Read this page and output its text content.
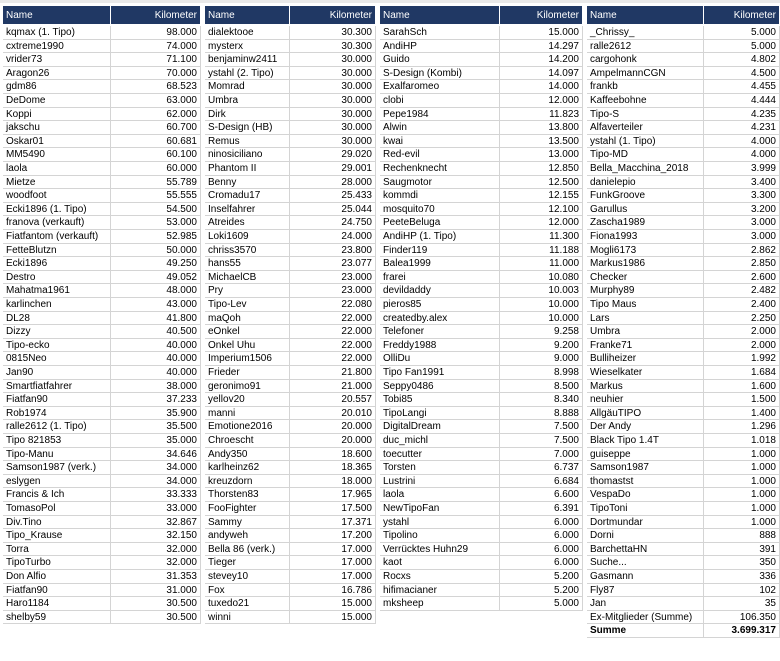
Name	Kilometer
kqmax (1. Tipo)	98.000
cxtreme1990	74.000
vrider73	71.100
Aragon26	70.000
gdm86	68.523
DeDome	63.000
Koppi	62.000
jakschu	60.700
Oskar01	60.681
MM5490	60.100
laola	60.000
Mietze	55.789
woodfoot	55.555
Ecki1896 (1. Tipo)	54.500
franova (verkauft)	53.000
Fiatfantom (verkauft)	52.985
FetteBlutzn	50.000
Ecki1896	49.250
Destro	49.052
Mahatma1961	48.000
karlinchen	43.000
DL28	41.800
Dizzy	40.500
Tipo-ecko	40.000
0815Neo	40.000
Jan90	40.000
Smartfiatfahrer	38.000
Fiatfan90	37.233
Rob1974	35.900
ralle2612 (1. Tipo)	35.500
Tipo 821853	35.000
Tipo-Manu	34.646
Samson1987 (verk.)	34.000
eslygen	34.000
Francis & Ich	33.333
TomasoPol	33.000
Div.Tino	32.867
Tipo_Krause	32.150
Torra	32.000
TipoTurbo	32.000
Don Alfio	31.353
Fiatfan90	31.000
Haro1184	30.500
shelby59	30.500
Name	Kilometer
dialektooe	30.300
mysterx	30.300
benjaminw2411	30.000
ystahl (2. Tipo)	30.000
Momrad	30.000
Umbra	30.000
Dirk	30.000
S-Design (HB)	30.000
Remus	30.000
ninosiciliano	29.020
Phantom II	29.001
Benny	28.000
Cromadu17	25.433
Inselfahrer	25.044
Atreides	24.750
Loki1609	24.000
chriss3570	23.800
hans55	23.077
MichaelCB	23.000
Pry	23.000
Tipo-Lev	22.080
maQoh	22.000
eOnkel	22.000
Onkel Uhu	22.000
Imperium1506	22.000
Frieder	21.800
geronimo91	21.000
yellov20	20.557
manni	20.010
Emotione2016	20.000
Chroescht	20.000
Andy350	18.600
karlheinz62	18.365
kreuzdorn	18.000
Thorsten83	17.965
FooFighter	17.500
Sammy	17.371
andyweh	17.200
Bella 86 (verk.)	17.000
Tieger	17.000
stevey10	17.000
Fox	16.786
tuxedo21	15.000
winni	15.000
Name	Kilometer
SarahSch	15.000
AndiHP	14.297
Guido	14.200
S-Design (Kombi)	14.097
Exalfaromeo	14.000
clobi	12.000
Pepe1984	11.823
Alwin	13.800
kwai	13.500
Red-evil	13.000
Rechenknecht	12.850
Saugmotor	12.500
kommdi	12.155
mosquito70	12.100
PeeteBeluga	12.000
AndiHP (1. Tipo)	11.300
Finder119	11.188
Balea1999	11.000
frarei	10.080
devildaddy	10.003
pieros85	10.000
createdby.alex	10.000
Telefoner	9.258
Freddy1988	9.200
OlliDu	9.000
Tipo Fan1991	8.998
Seppy0486	8.500
Tobi85	8.340
TipoLangi	8.888
DigitalDream	7.500
duc_michl	7.500
toecutter	7.000
Torsten	6.737
Lustrini	6.684
laola	6.600
NewTipoFan	6.391
ystahl	6.000
Tipolino	6.000
Verrücktes Huhn29	6.000
kaot	6.000
Rocxs	5.200
hifimacianer	5.200
mksheep	5.000
Name	Kilometer
_Chrissy_	5.000
ralle2612	5.000
cargohonk	4.802
AmpelmannCGN	4.500
frankb	4.455
Kaffeebohne	4.444
Tipo-S	4.235
Alfaverteiler	4.231
ystahl (1. Tipo)	4.000
Tipo-MD	4.000
Bella_Macchina_2018	3.999
danielepio	3.400
FunkGroove	3.300
Garullus	3.200
Zascha1989	3.000
Fiona1993	3.000
Mogli6173	2.862
Markus1986	2.850
Checker	2.600
Murphy89	2.482
Tipo Maus	2.400
Lars	2.250
Umbra	2.000
Franke71	2.000
Bulliheizer	1.992
Wieselkater	1.684
Markus	1.600
neuhier	1.500
AllgäuTIPO	1.400
Der Andy	1.296
Black Tipo 1.4T	1.018
guiseppe	1.000
Samson1987	1.000
thomastst	1.000
VespaDo	1.000
TipoToni	1.000
Dortmundar	1.000
Dorni	888
BarchettaHN	391
Suche...	350
Gasmann	336
Fly87	102
Jan	35
Ex-Mitglieder (Summe)	106.350
Summe	3.699.317
